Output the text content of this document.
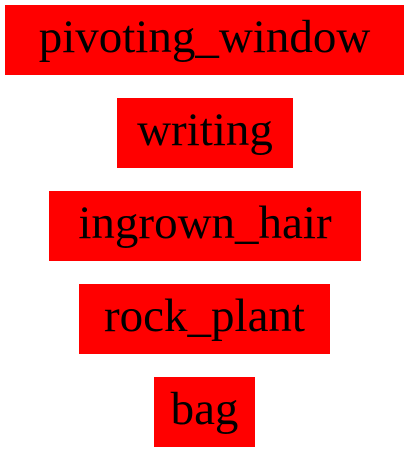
pivoting_window
writing
ingrown_hair
rock_plant
bag
